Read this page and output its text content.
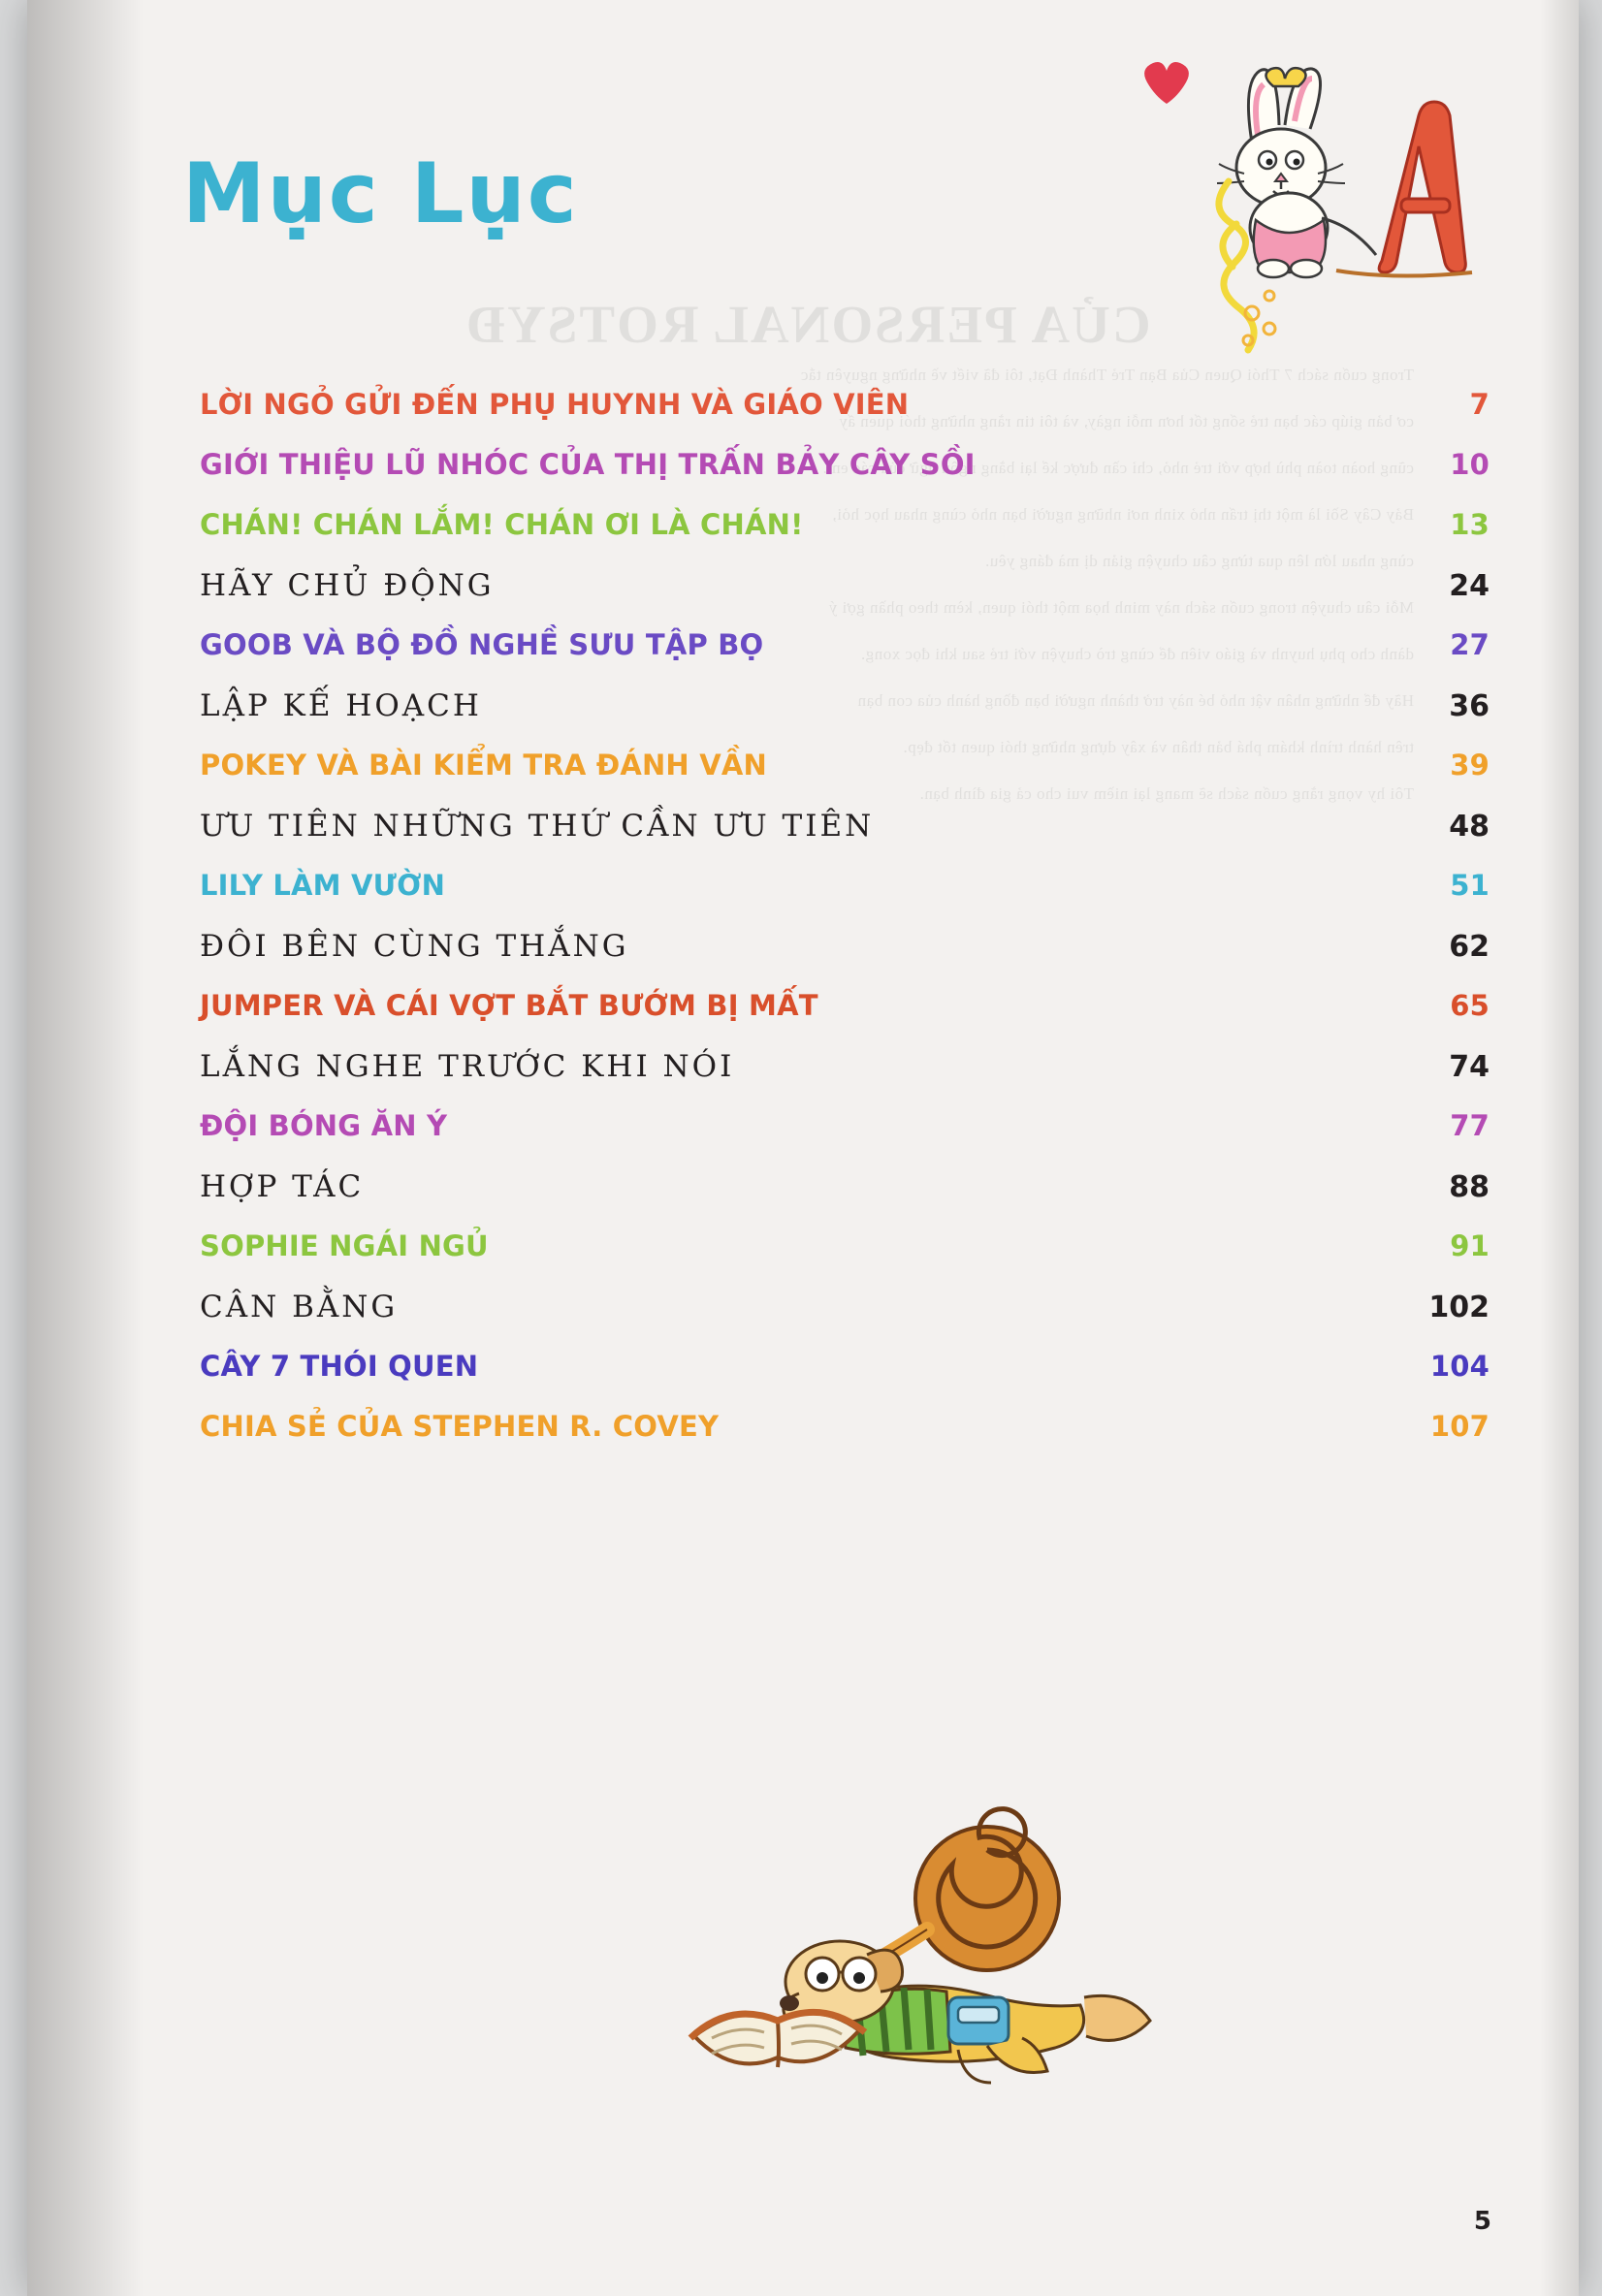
CỦA PERSONAL ROTSYĐ

Trong cuốn sách 7 Thói Quen Của Bạn Trẻ Thành Đạt, tôi đã viết về những nguyên tắc

cơ bản giúp các bạn trẻ sống tốt hơn mỗi ngày, và tôi tin rằng những thói quen ấy

cũng hoàn toàn phù hợp với trẻ nhỏ, chỉ cần được kể lại bằng ngôn ngữ của các em.

Bảy Cây Sồi là một thị trấn nhỏ xinh nơi những người bạn nhỏ cùng nhau học hỏi,

cùng nhau lớn lên qua từng câu chuyện giản dị mà đáng yêu.

Mỗi câu chuyện trong cuốn sách này minh họa một thói quen, kèm theo phần gợi ý

dành cho phụ huynh và giáo viên để cùng trò chuyện với trẻ sau khi đọc xong.

Hãy để những nhân vật nhỏ bé này trở thành người bạn đồng hành của con bạn

trên hành trình khám phá bản thân và xây dựng những thói quen tốt đẹp.

Tôi hy vọng rằng cuốn sách sẽ mang lại niềm vui cho cả gia đình bạn.

Mục Lục
LỜI NGỎ GỬI ĐẾN PHỤ HUYNH VÀ GIÁO VIÊN	7
GIỚI THIỆU LŨ NHÓC CỦA THỊ TRẤN BẢY CÂY SỒI	10
CHÁN! CHÁN LẮM! CHÁN ƠI LÀ CHÁN!	13
HÃY CHỦ ĐỘNG	24
GOOB VÀ BỘ ĐỒ NGHỀ SƯU TẬP BỌ	27
LẬP KẾ HOẠCH	36
POKEY VÀ BÀI KIỂM TRA ĐÁNH VẦN	39
ƯU TIÊN NHỮNG THỨ CẦN ƯU TIÊN	48
LILY LÀM VƯỜN	51
ĐÔI BÊN CÙNG THẮNG	62
JUMPER VÀ CÁI VỢT BẮT BƯỚM BỊ MẤT	65
LẮNG NGHE TRƯỚC KHI NÓI	74
ĐỘI BÓNG ĂN Ý	77
HỢP TÁC	88
SOPHIE NGÁI NGỦ	91
CÂN BẰNG	102
CÂY 7 THÓI QUEN	104
CHIA SẺ CỦA STEPHEN R. COVEY	107
5
